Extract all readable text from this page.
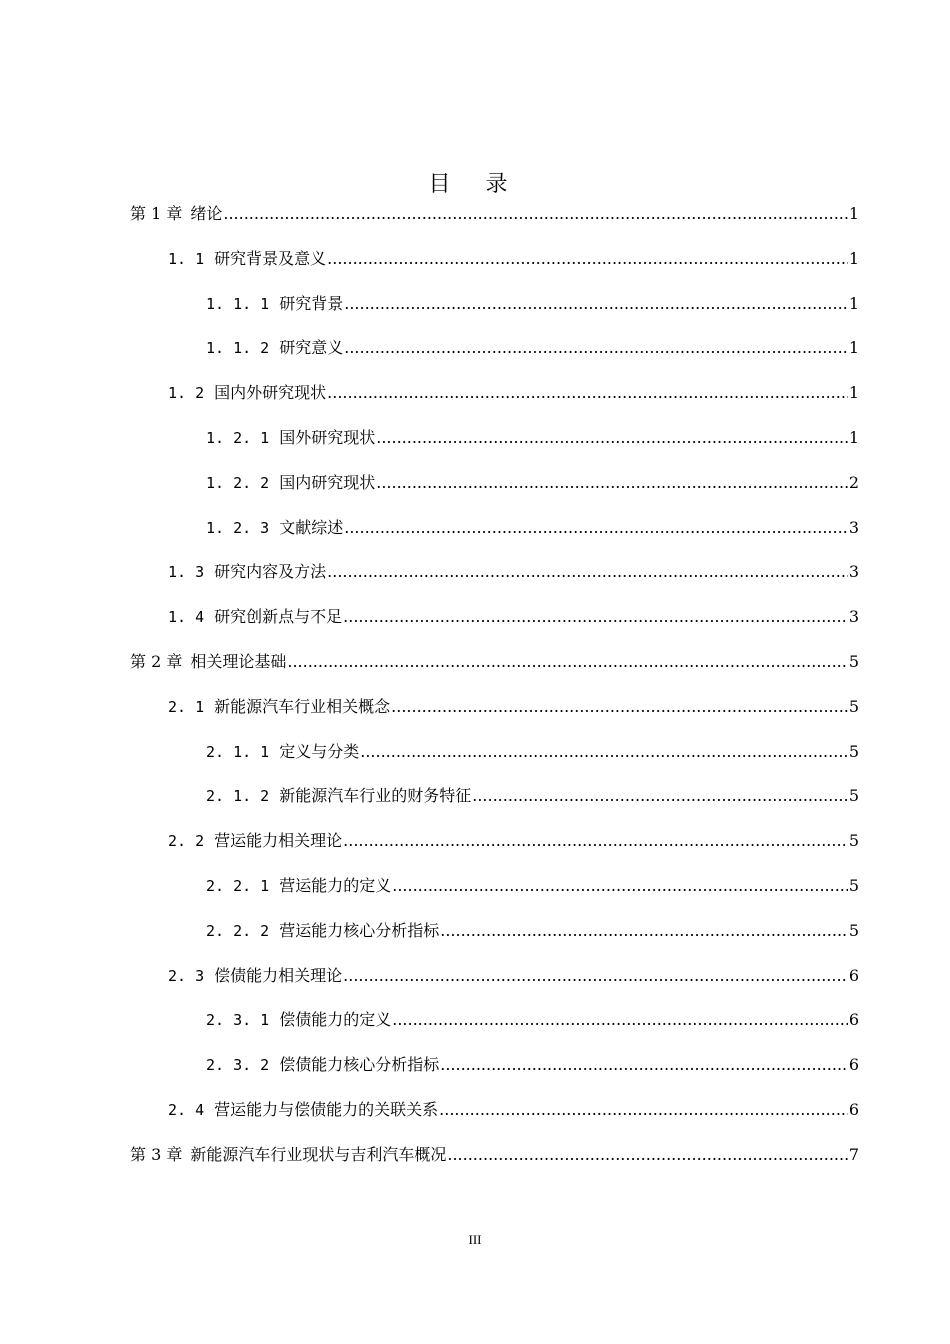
目 录
第 1 章 绪论 .....	1
1. 1 研究背景及意义 .....	1
1. 1. 1 研究背景 .....	1
1. 1. 2 研究意义 .....	1
1. 2 国内外研究现状 .....	1
1. 2. 1 国外研究现状 .....	1
1. 2. 2 国内研究现状 .....	2
1. 2. 3 文献综述 .....	3
1. 3 研究内容及方法 .....	3
1. 4 研究创新点与不足 .....	3
第 2 章 相关理论基础 .....	5
2. 1 新能源汽车行业相关概念 .....	5
2. 1. 1 定义与分类 .....	5
2. 1. 2 新能源汽车行业的财务特征 .....	5
2. 2 营运能力相关理论 .....	5
2. 2. 1 营运能力的定义 .....	5
2. 2. 2 营运能力核心分析指标 .....	5
2. 3 偿债能力相关理论 .....	6
2. 3. 1 偿债能力的定义 .....	6
2. 3. 2 偿债能力核心分析指标 .....	6
2. 4 营运能力与偿债能力的关联关系 .....	6
第 3 章 新能源汽车行业现状与吉利汽车概况 .....	7
III
